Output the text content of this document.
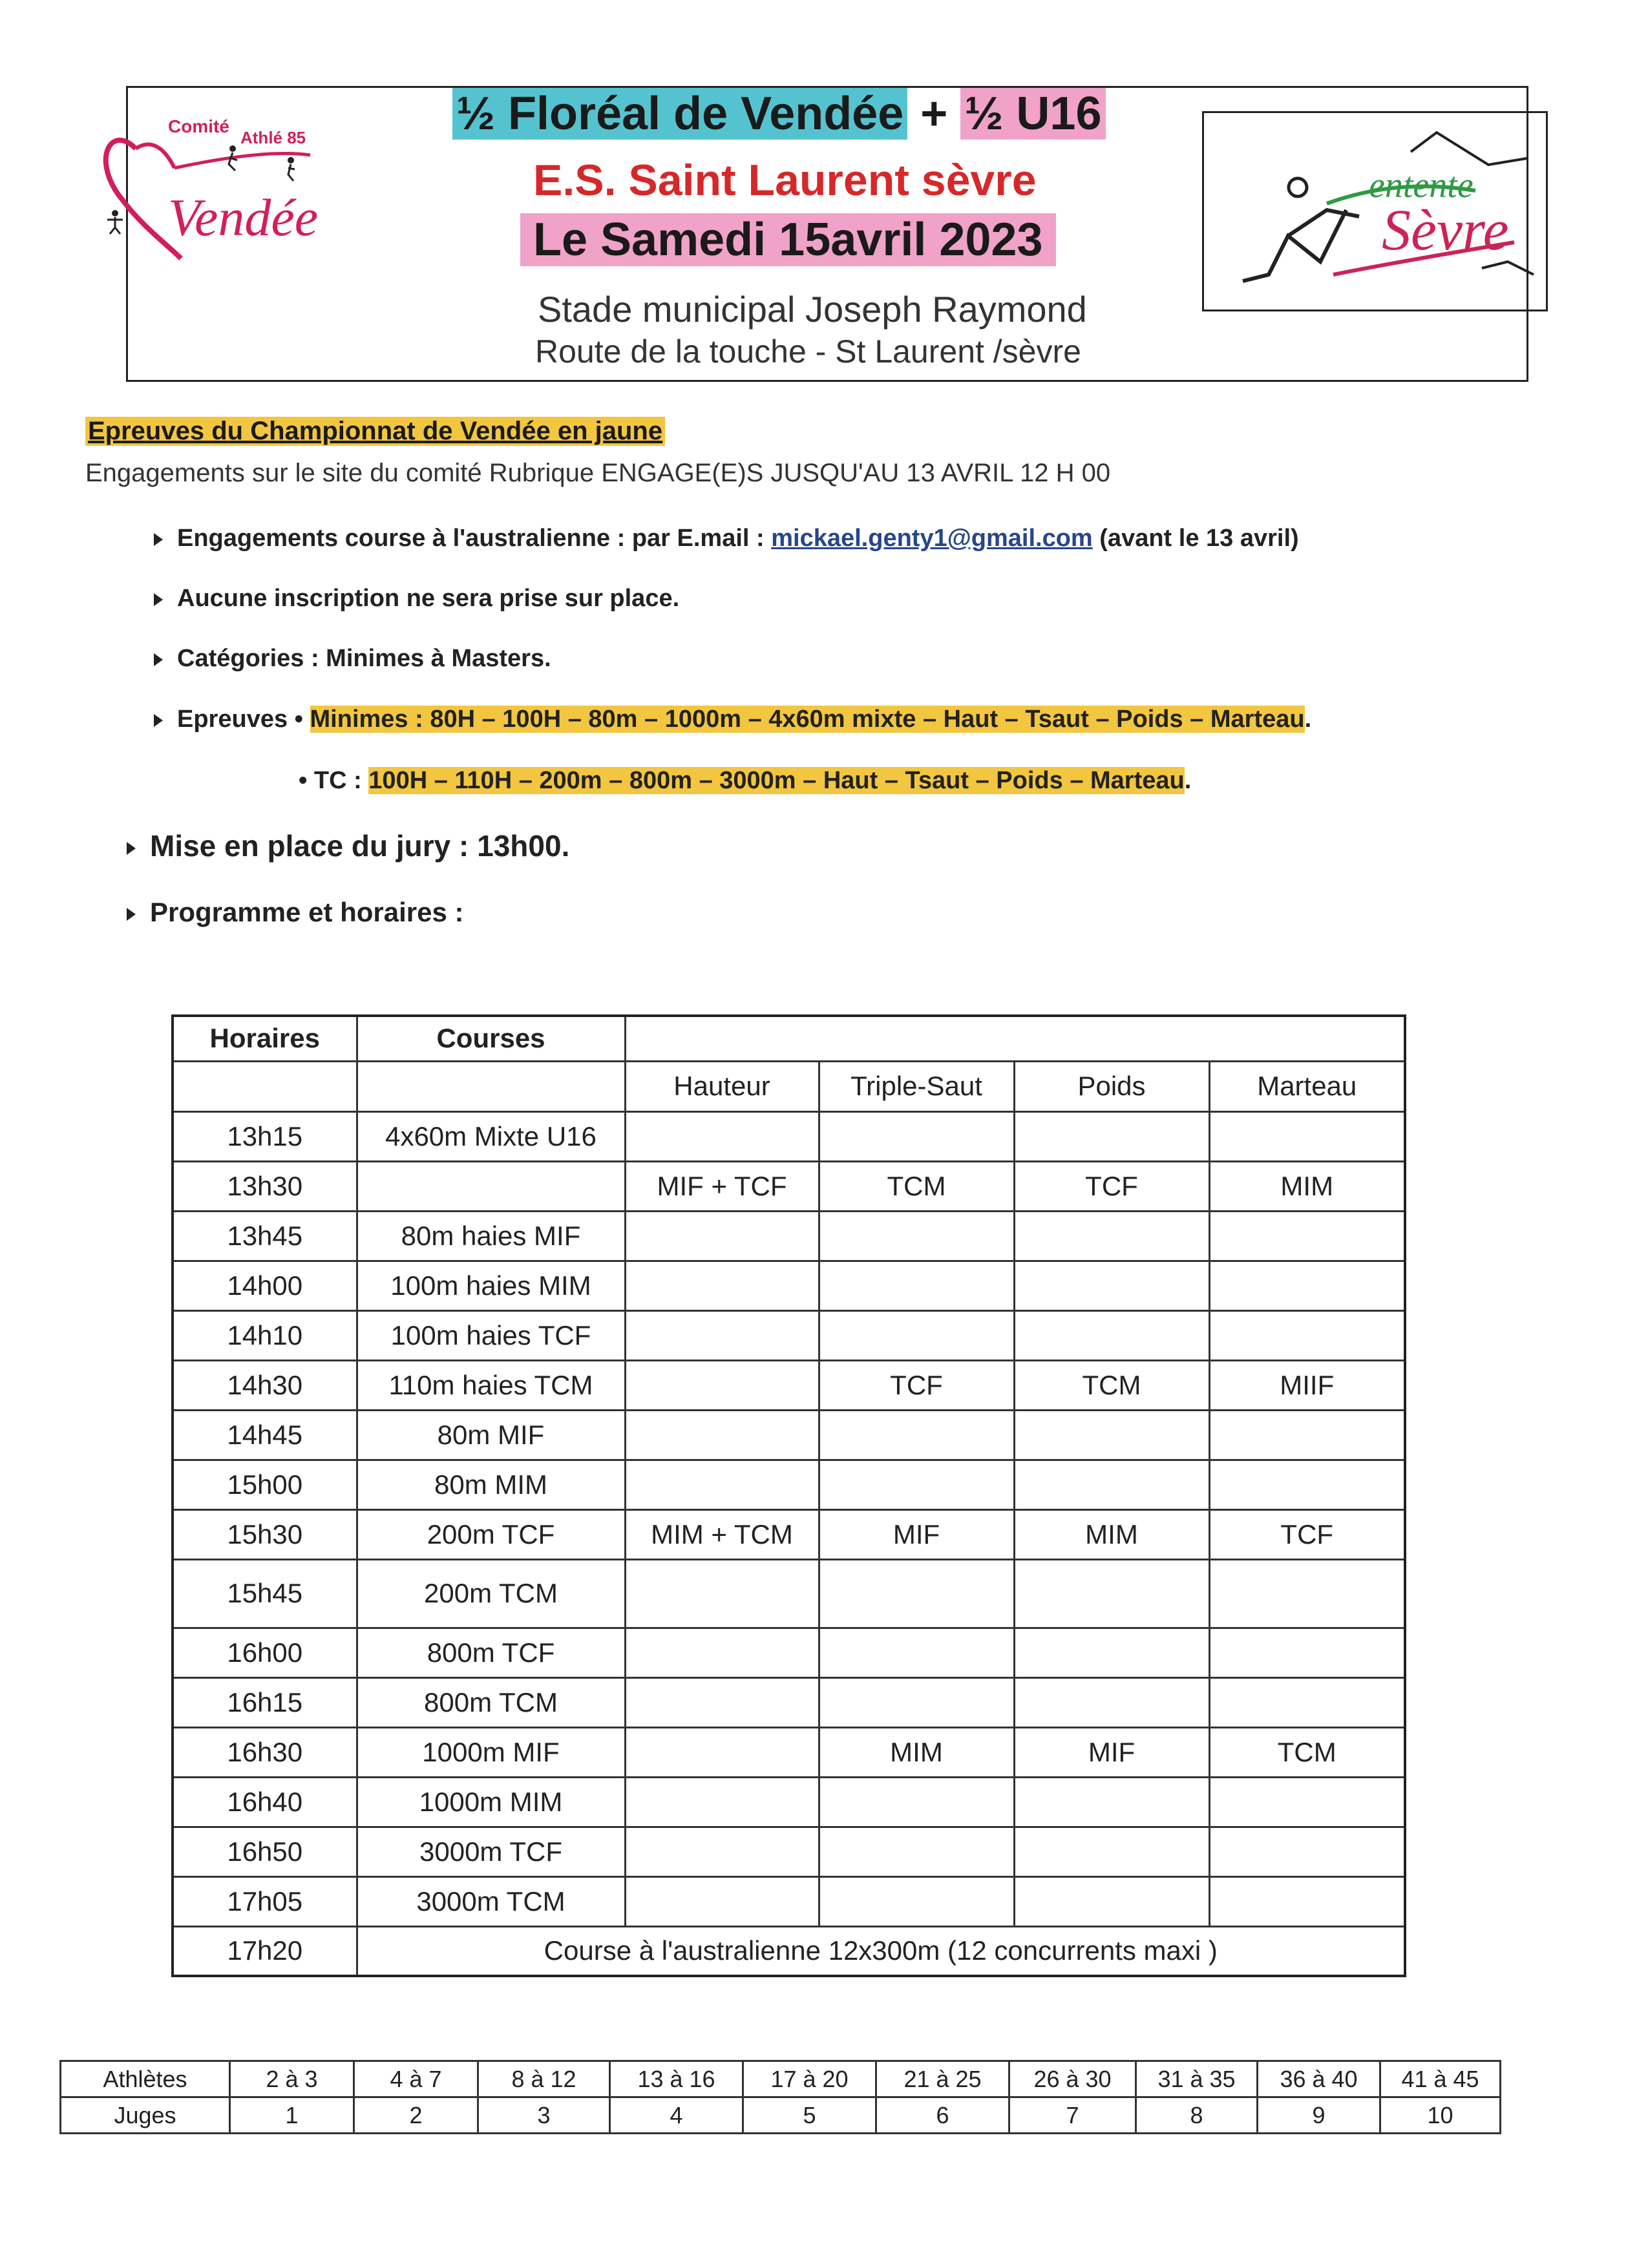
Comité
Athlé 85
Vendée
½ Floréal de Vendée + ½ U16
E.S. Saint Laurent sèvre
Le Samedi 15avril 2023
Stade municipal Joseph Raymond
Route de la touche - St Laurent /sèvre
entente
Sèvre
Epreuves du Championnat de Vendée en jaune
Engagements sur le site du comité Rubrique ENGAGE(E)S JUSQU'AU 13 AVRIL 12 H 00
Engagements course à l'australienne : par E.mail : mickael.genty1@gmail.com (avant le 13 avril)
Aucune inscription ne sera prise sur place.
Catégories : Minimes à Masters.
Epreuves • Minimes : 80H – 100H – 80m – 1000m – 4x60m mixte – Haut – Tsaut – Poids – Marteau.
• TC : 100H – 110H – 200m – 800m – 3000m – Haut – Tsaut – Poids – Marteau.
Mise en place du jury : 13h00.
Programme et horaires :
Horaires	Courses				
		Hauteur	Triple-Saut	Poids	Marteau
13h15	4x60m Mixte U16				
13h30		MIF + TCF	TCM	TCF	MIM
13h45	80m haies MIF				
14h00	100m haies MIM				
14h10	100m haies TCF				
14h30	110m haies TCM		TCF	TCM	MIIF
14h45	80m MIF				
15h00	80m MIM				
15h30	200m TCF	MIM + TCM	MIF	MIM	TCF
15h45	200m TCM				
16h00	800m TCF				
16h15	800m TCM				
16h30	1000m MIF		MIM	MIF	TCM
16h40	1000m MIM				
16h50	3000m TCF				
17h05	3000m TCM				
17h20	Course à l'australienne 12x300m (12 concurrents maxi )				
Athlètes	2 à 3	4 à 7	8 à 12	13 à 16	17 à 20	21 à 25	26 à 30	31 à 35	36 à 40	41 à 45
Juges	1	2	3	4	5	6	7	8	9	10
